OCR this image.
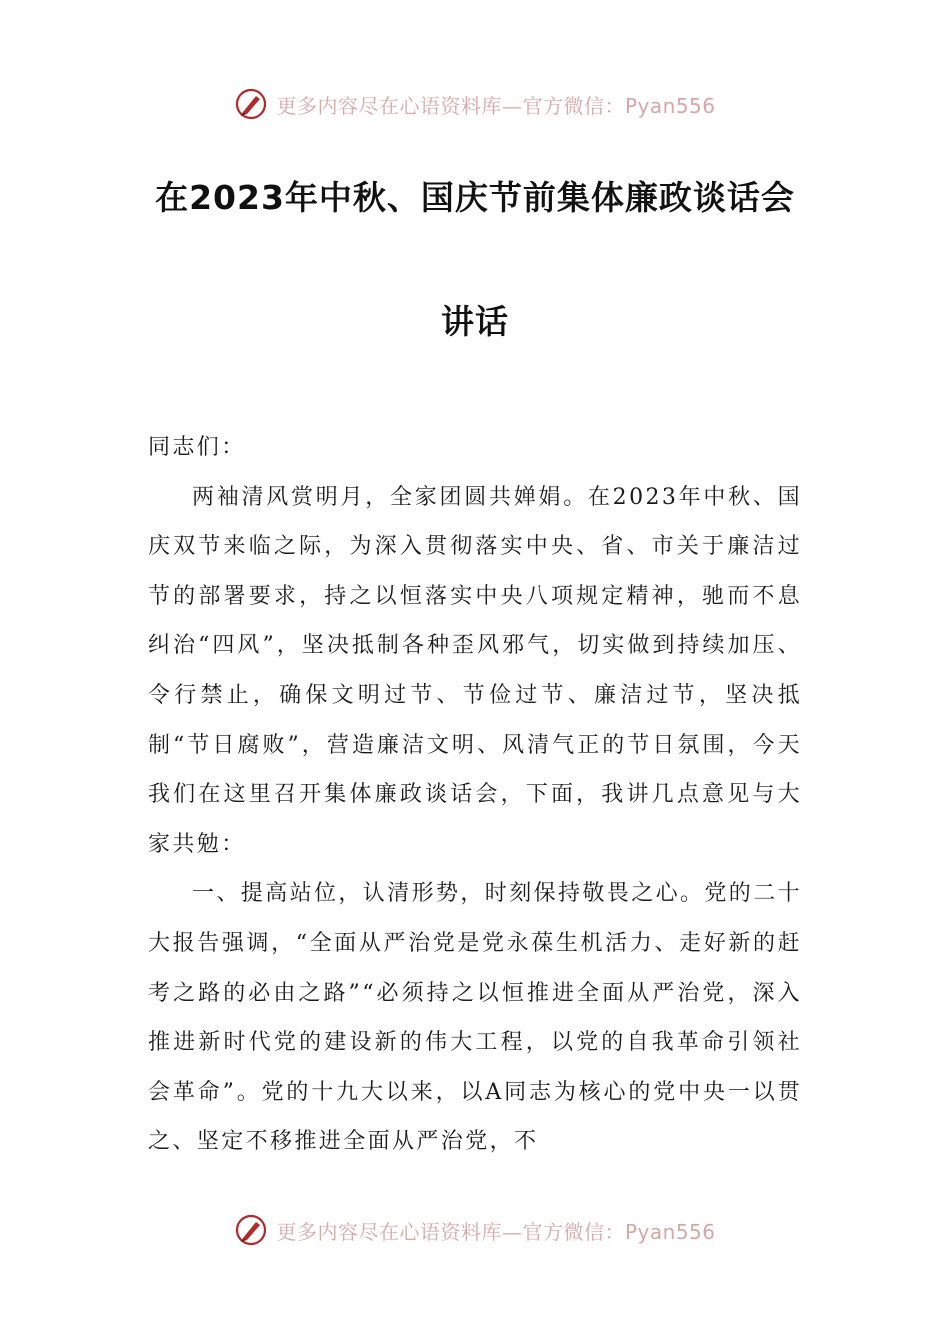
更多内容尽在心语资料库—官方微信：Pyan556
在2023年中秋、国庆节前集体廉政谈话会
讲话

同志们：

两袖清风赏明月，全家团圆共婵娟。在2023年中秋、国庆双节来临之际，为深入贯彻落实中央、省、市关于廉洁过节的部署要求，持之以恒落实中央八项规定精神，驰而不息纠治“四风”，坚决抵制各种歪风邪气，切实做到持续加压、令行禁止，确保文明过节、节俭过节、廉洁过节，坚决抵制“节日腐败”，营造廉洁文明、风清气正的节日氛围，今天我们在这里召开集体廉政谈话会，下面，我讲几点意见与大家共勉：

一、提高站位，认清形势，时刻保持敬畏之心。党的二十大报告强调，“全面从严治党是党永葆生机活力、走好新的赶考之路的必由之路”“必须持之以恒推进全面从严治党，深入推进新时代党的建设新的伟大工程，以党的自我革命引领社会革命”。党的十九大以来，以A同志为核心的党中央一以贯之、坚定不移推进全面从严治党，不

更多内容尽在心语资料库—官方微信：Pyan556
